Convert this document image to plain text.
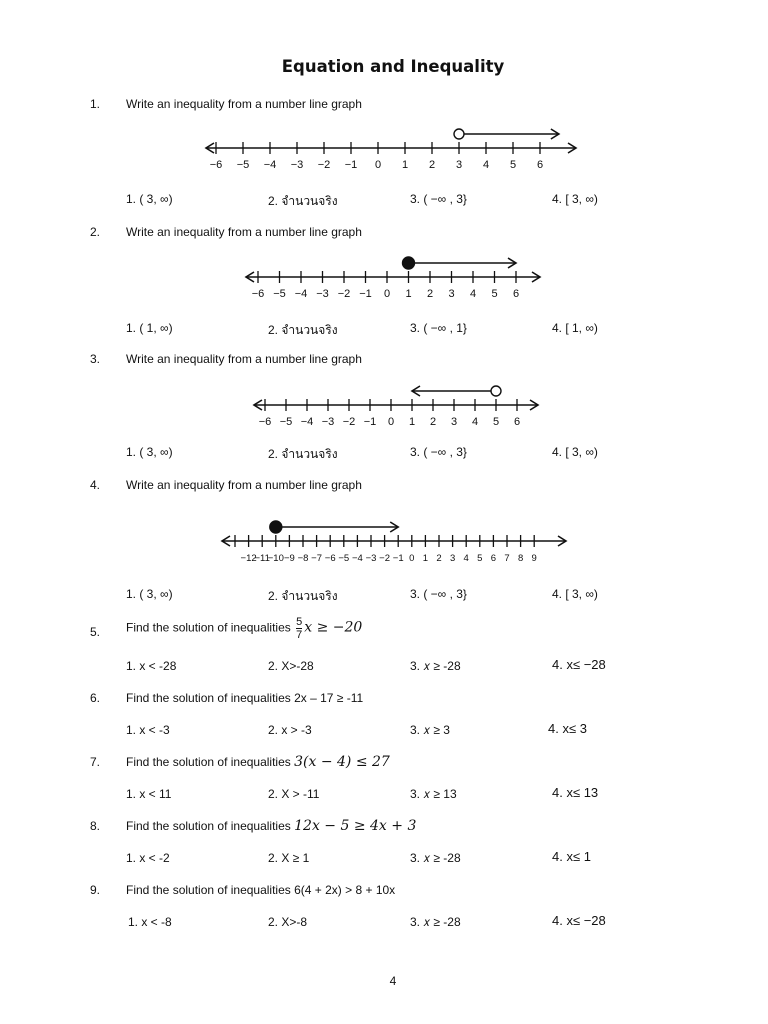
Equation and Inequality
1. Write an inequality from a number line graph
−6 −5 −4 −3 −2 −1 0 1 2 3 4 5 6
1. ( 3, ∞)	2. จำนวนจริง	3. ( −∞ , 3}	4. [ 3, ∞)
2. Write an inequality from a number line graph
−6 −5 −4 −3 −2 −1 0 1 2 3 4 5 6
1. ( 1, ∞)	2. จำนวนจริง	3. ( −∞ , 1}	4. [ 1, ∞)
3. Write an inequality from a number line graph
−6 −5 −4 −3 −2 −1 0 1 2 3 4 5 6
1. ( 3, ∞)	2. จำนวนจริง	3. ( −∞ , 3}	4. [ 3, ∞)
4. Write an inequality from a number line graph
−12
−11
−10 −9 −8 −7 −6 −5 −4 −3 −2 −1 0 1 2 3 4 5 6 7 8 9
1. ( 3, ∞)	2. จำนวนจริง	3. ( −∞ , 3}	4. [ 3, ∞)
5. Find the solution of inequalities $\frac{5}{7}$ x ≥ −20
1. x < -28	2. X>-28	3. 𝑥 ≥ -28	4. x≤ −28
6. Find the solution of inequalities 2x – 17 ≥ -11
1. x < -3	2. x > -3	3. 𝑥 ≥ 3	4. x≤ 3
7. Find the solution of inequalities 3(x − 4) ≤ 27
1. x < 11	2. X > -11	3. 𝑥 ≥ 13	4. x≤ 13
8. Find the solution of inequalities 12x − 5 ≥ 4x + 3
1. x < -2	2. X ≥ 1	3. 𝑥 ≥ -28	4. x≤ 1
9. Find the solution of inequalities 6(4 + 2x) > 8 + 10x
1. x < -8	2. X>-8	3. 𝑥 ≥ -28	4. x≤ −28
4
